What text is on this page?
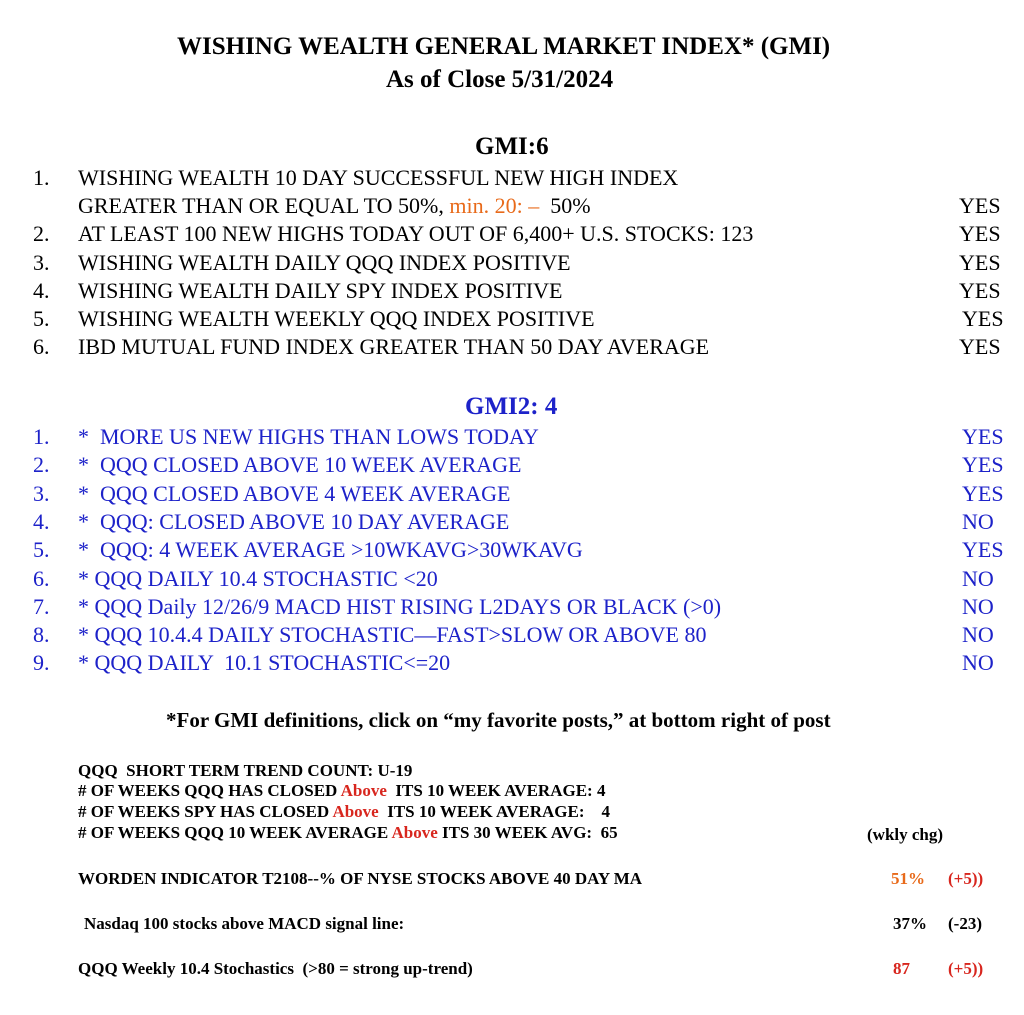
WISHING WEALTH GENERAL MARKET INDEX* (GMI)
As of Close 5/31/2024
GMI:6
1. WISHING WEALTH 10 DAY SUCCESSFUL NEW HIGH INDEX
GREATER THAN OR EQUAL TO 50%, min. 20: –  50%	YES
2. AT LEAST 100 NEW HIGHS TODAY OUT OF 6,400+ U.S. STOCKS: 123	YES
3. WISHING WEALTH DAILY QQQ INDEX POSITIVE	YES
4. WISHING WEALTH DAILY SPY INDEX POSITIVE	YES
5. WISHING WEALTH WEEKLY QQQ INDEX POSITIVE	YES
6. IBD MUTUAL FUND INDEX GREATER THAN 50 DAY AVERAGE	YES
GMI2: 4
1. *  MORE US NEW HIGHS THAN LOWS TODAY	YES
2. *  QQQ CLOSED ABOVE 10 WEEK AVERAGE	YES
3. *  QQQ CLOSED ABOVE 4 WEEK AVERAGE	YES
4. *  QQQ: CLOSED ABOVE 10 DAY AVERAGE	NO
5. *  QQQ: 4 WEEK AVERAGE >10WKAVG>30WKAVG	YES
6. * QQQ DAILY 10.4 STOCHASTIC <20	NO
7. * QQQ Daily 12/26/9 MACD HIST RISING L2DAYS OR BLACK (>0)	NO
8. * QQQ 10.4.4 DAILY STOCHASTIC—FAST>SLOW OR ABOVE 80	NO
9. * QQQ DAILY  10.1 STOCHASTIC<=20	NO
*For GMI definitions, click on “my favorite posts,” at bottom right of post
QQQ  SHORT TERM TREND COUNT: U-19
# OF WEEKS QQQ HAS CLOSED Above  ITS 10 WEEK AVERAGE: 4
# OF WEEKS SPY HAS CLOSED Above  ITS 10 WEEK AVERAGE:    4
# OF WEEKS QQQ 10 WEEK AVERAGE Above ITS 30 WEEK AVG:  65	(wkly chg)
WORDEN INDICATOR T2108--% OF NYSE STOCKS ABOVE 40 DAY MA	51% (+5))
Nasdaq 100 stocks above MACD signal line:	37% (-23)
QQQ Weekly 10.4 Stochastics  (>80 = strong up-trend)	87 (+5))
